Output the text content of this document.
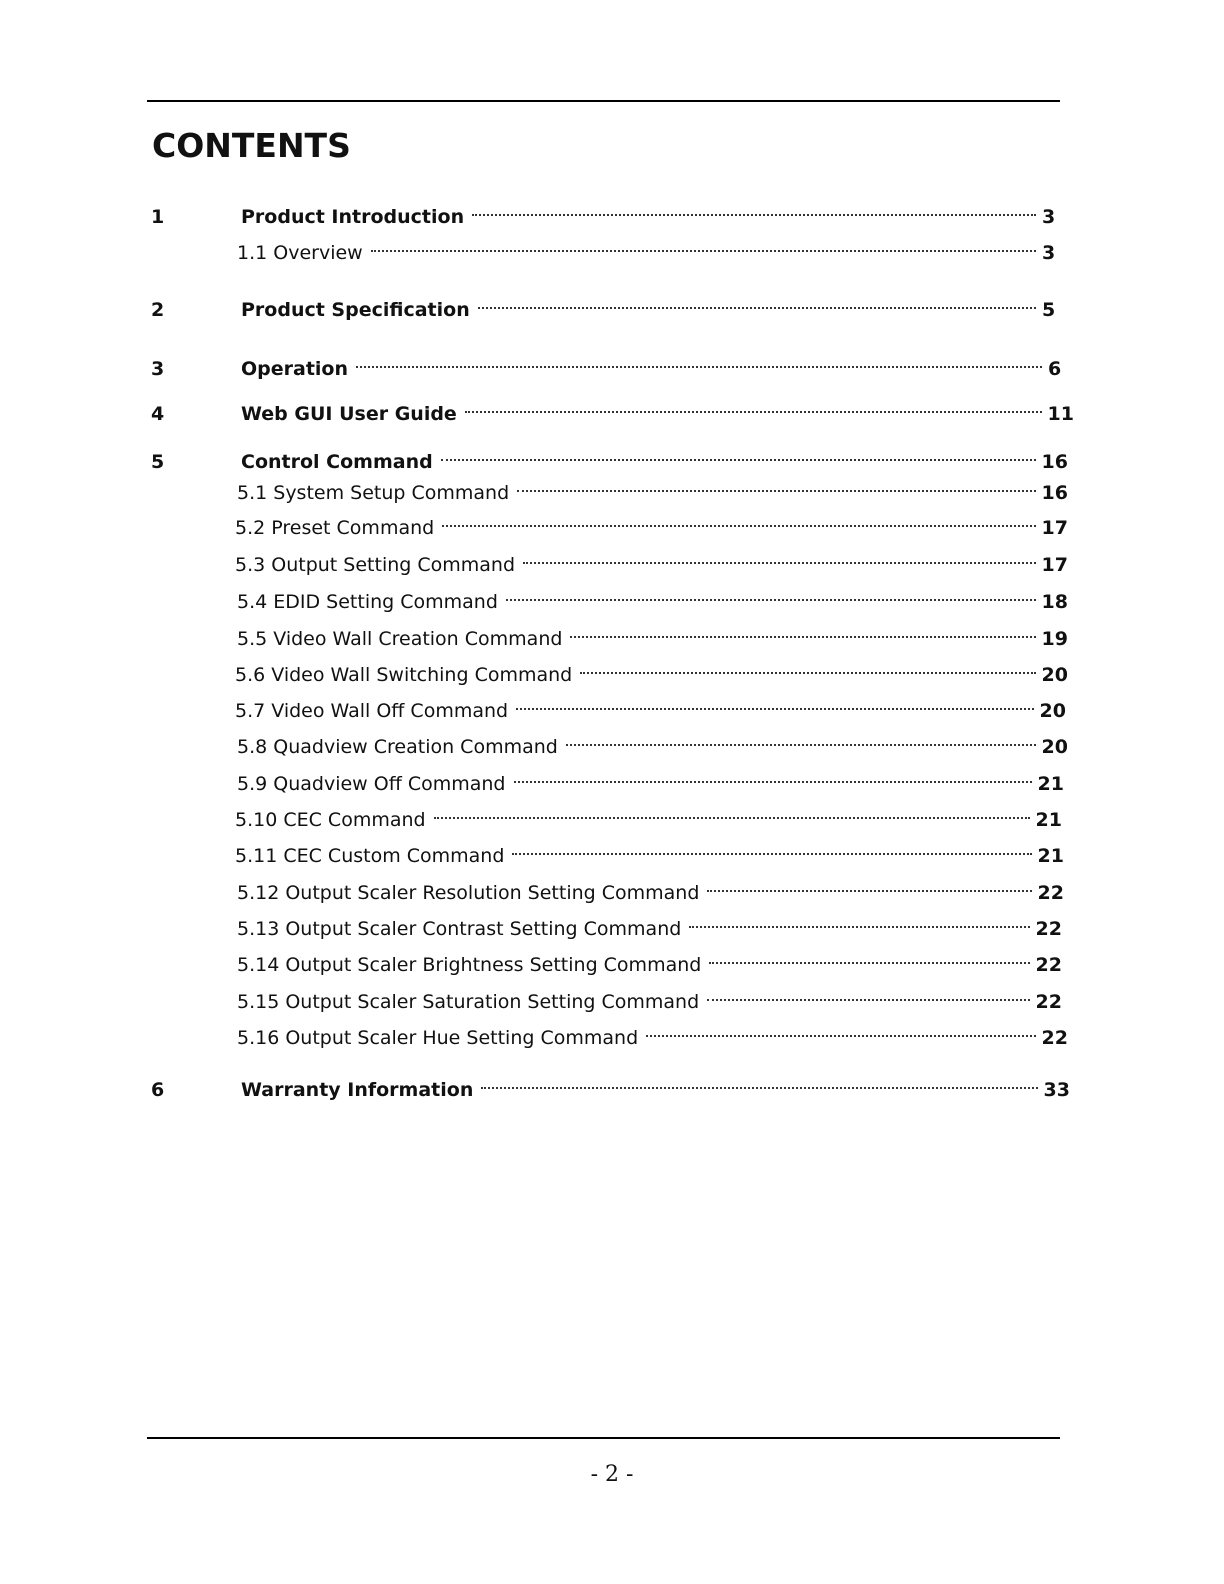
CONTENTS
1	Product Introduction	3
1.1 Overview	3
2	Product Specification	5
3	Operation	6
4	Web GUI User Guide	11
5	Control Command	16
5.1 System Setup Command	16
5.2 Preset Command	17
5.3 Output Setting Command	17
5.4 EDID Setting Command	18
5.5 Video Wall Creation Command	19
5.6 Video Wall Switching Command	20
5.7 Video Wall Off Command	20
5.8 Quadview Creation Command	20
5.9 Quadview Off Command	21
5.10 CEC Command	21
5.11 CEC Custom Command	21
5.12 Output Scaler Resolution Setting Command	22
5.13 Output Scaler Contrast Setting Command	22
5.14 Output Scaler Brightness Setting Command	22
5.15 Output Scaler Saturation Setting Command	22
5.16 Output Scaler Hue Setting Command	22
6	Warranty Information	33
- 2 -
